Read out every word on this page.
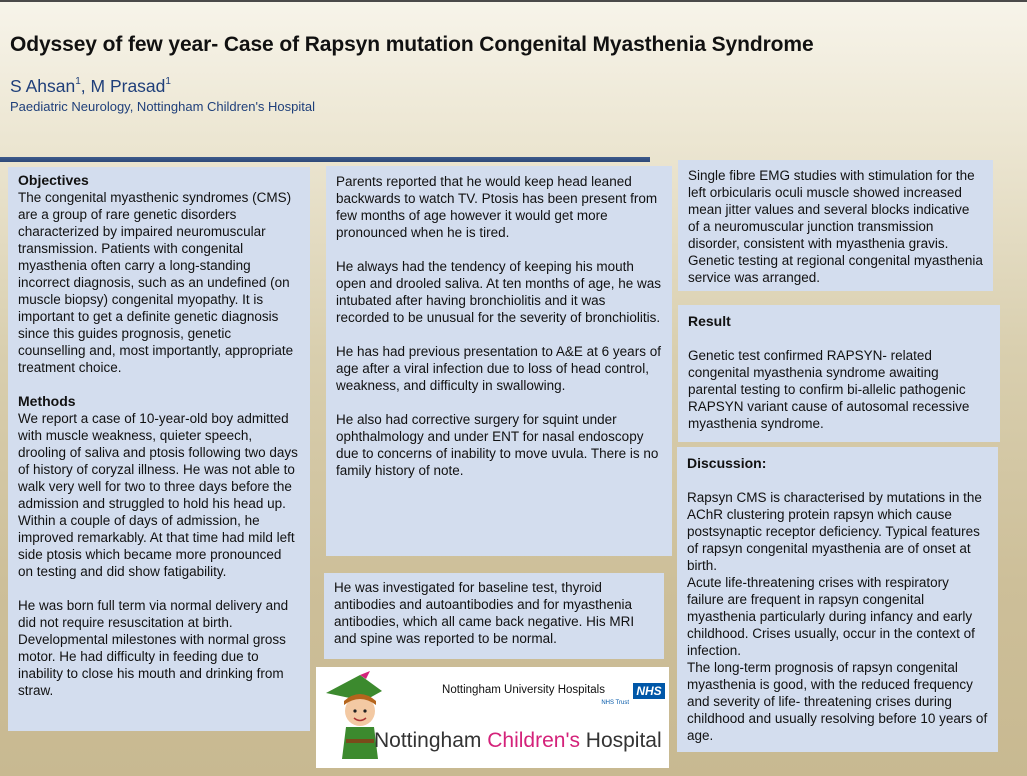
Odyssey of few year- Case of Rapsyn mutation Congenital Myasthenia Syndrome
S Ahsan$^1$, M Prasad$^1$
Paediatric Neurology, Nottingham Children's Hospital
Objectives

The congenital myasthenic syndromes (CMS) are a group of rare genetic disorders characterized by impaired neuromuscular transmission. Patients with congenital myasthenia often carry a long-standing incorrect diagnosis, such as an undefined (on muscle biopsy) congenital myopathy. It is important to get a definite genetic diagnosis since this guides prognosis, genetic counselling and, most importantly, appropriate treatment choice.

Methods

We report a case of 10-year-old boy admitted with muscle weakness, quieter speech, drooling of saliva and ptosis following two days of history of coryzal illness. He was not able to walk very well for two to three days before the admission and struggled to hold his head up. Within a couple of days of admission, he improved remarkably. At that time had mild left side ptosis which became more pronounced on testing and did show fatigability.

He was born full term via normal delivery and did not require resuscitation at birth. Developmental milestones with normal gross motor. He had difficulty in feeding due to inability to close his mouth and drinking from straw.

Parents reported that he would keep head leaned backwards to watch TV. Ptosis has been present from few months of age however it would get more pronounced when he is tired.

He always had the tendency of keeping his mouth open and drooled saliva. At ten months of age, he was intubated after having bronchiolitis and it was recorded to be unusual for the severity of bronchiolitis.

He has had previous presentation to A&E at 6 years of age after a viral infection due to loss of head control, weakness, and difficulty in swallowing.

He also had corrective surgery for squint under ophthalmology and under ENT for nasal endoscopy due to concerns of inability to move uvula. There is no family history of note.

He was investigated for baseline test, thyroid antibodies and autoantibodies and for myasthenia antibodies, which all came back negative. His MRI and spine was reported to be normal.

Nottingham University Hospitals	NHS
NHS Trust
Nottingham Children's Hospital

Single fibre EMG studies with stimulation for the left orbicularis oculi muscle showed increased mean jitter values and several blocks indicative of a neuromuscular junction transmission disorder, consistent with myasthenia gravis. Genetic testing at regional congenital myasthenia service was arranged.

Result

Genetic test confirmed RAPSYN- related congenital myasthenia syndrome awaiting parental testing to confirm bi-allelic pathogenic RAPSYN variant cause of autosomal recessive myasthenia syndrome.

Discussion:

Rapsyn CMS is characterised by mutations in the AChR clustering protein rapsyn which cause postsynaptic receptor deficiency. Typical features of rapsyn congenital myasthenia are of onset at birth.

Acute life-threatening crises with respiratory failure are frequent in rapsyn congenital myasthenia particularly during infancy and early childhood. Crises usually, occur in the context of infection.

The long-term prognosis of rapsyn congenital myasthenia is good, with the reduced frequency and severity of life- threatening crises during childhood and usually resolving before 10 years of age.
